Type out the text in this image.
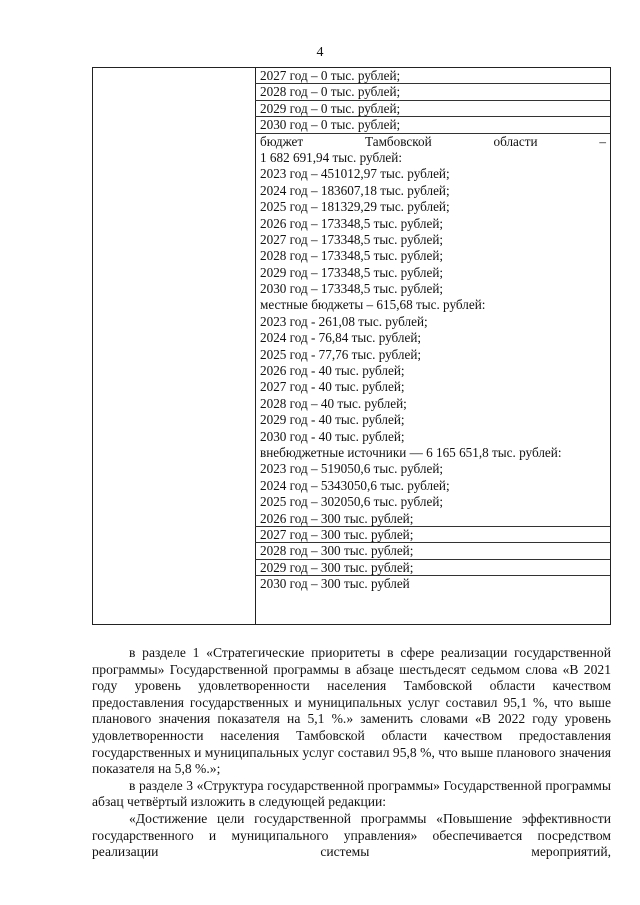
4
2027 год – 0 тыс. рублей;
2028 год – 0 тыс. рублей;
2029 год – 0 тыс. рублей;
2030 год – 0 тыс. рублей;
бюджет Тамбовской области –
1 682 691,94 тыс. рублей:
2023 год – 451012,97 тыс. рублей;
2024 год – 183607,18 тыс. рублей;
2025 год – 181329,29 тыс. рублей;
2026 год – 173348,5 тыс. рублей;
2027 год – 173348,5 тыс. рублей;
2028 год – 173348,5 тыс. рублей;
2029 год – 173348,5 тыс. рублей;
2030 год – 173348,5 тыс. рублей;
местные бюджеты – 615,68 тыс. рублей:
2023 год - 261,08 тыс. рублей;
2024 год - 76,84 тыс. рублей;
2025 год - 77,76 тыс. рублей;
2026 год - 40 тыс. рублей;
2027 год - 40 тыс. рублей;
2028 год – 40 тыс. рублей;
2029 год - 40 тыс. рублей;
2030 год - 40 тыс. рублей;
внебюджетные источники — 6 165 651,8 тыс. рублей:
2023 год – 519050,6 тыс. рублей;
2024 год – 5343050,6 тыс. рублей;
2025 год – 302050,6 тыс. рублей;
2026 год – 300 тыс. рублей;
2027 год – 300 тыс. рублей;
2028 год – 300 тыс. рублей;
2029 год – 300 тыс. рублей;
2030 год – 300 тыс. рублей

в разделе 1 «Стратегические приоритеты в сфере реализации государственной программы» Государственной программы в абзаце шестьдесят седьмом слова «В 2021 году уровень удовлетворенности населения Тамбовской области качеством предоставления государственных и муниципальных услуг составил 95,1 %, что выше планового значения показателя на 5,1 %.» заменить словами «В 2022 году уровень удовлетворенности населения Тамбовской области качеством предоставления государственных и муниципальных услуг составил 95,8 %, что выше планового значения показателя на 5,8 %.»;

в разделе 3 «Структура государственной программы» Государственной программы абзац четвёртый изложить в следующей редакции:

«Достижение цели государственной программы «Повышение эффективности государственного и муниципального управления» обеспечивается посредством реализации системы мероприятий,
